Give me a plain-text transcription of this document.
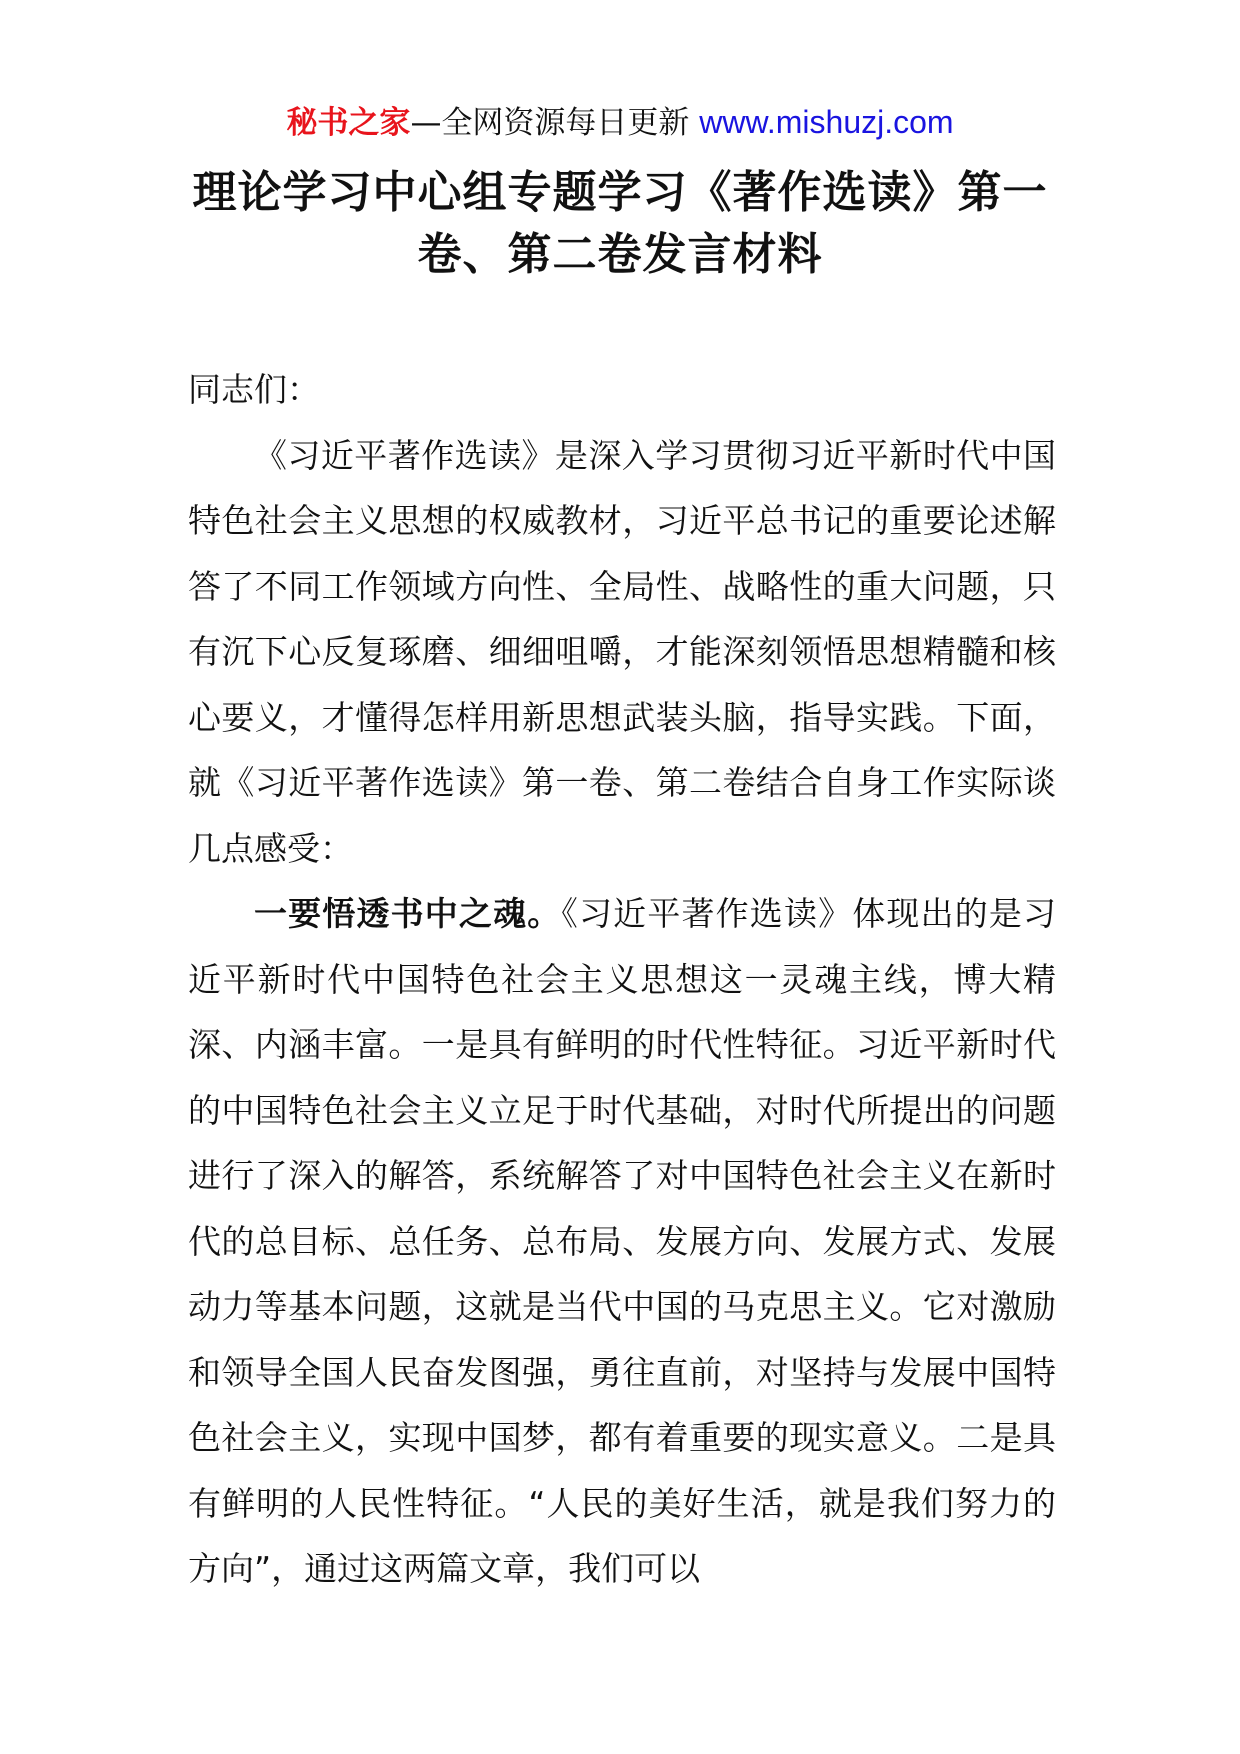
秘书之家—全网资源每日更新 www.mishuzj.com
理论学习中心组专题学习《著作选读》第一卷、第二卷发言材料

同志们：

《习近平著作选读》是深入学习贯彻习近平新时代中国特色社会主义思想的权威教材，习近平总书记的重要论述解答了不同工作领域方向性、全局性、战略性的重大问题，只有沉下心反复琢磨、细细咀嚼，才能深刻领悟思想精髓和核心要义，才懂得怎样用新思想武装头脑，指导实践。下面，就《习近平著作选读》第一卷、第二卷结合自身工作实际谈几点感受：

一要悟透书中之魂。《习近平著作选读》体现出的是习近平新时代中国特色社会主义思想这一灵魂主线，博大精深、内涵丰富。一是具有鲜明的时代性特征。习近平新时代的中国特色社会主义立足于时代基础，对时代所提出的问题进行了深入的解答，系统解答了对中国特色社会主义在新时代的总目标、总任务、总布局、发展方向、发展方式、发展动力等基本问题，这就是当代中国的马克思主义。它对激励和领导全国人民奋发图强，勇往直前，对坚持与发展中国特色社会主义，实现中国梦，都有着重要的现实意义。二是具有鲜明的人民性特征。“人民的美好生活，就是我们努力的方向”，通过这两篇文章，我们可以
